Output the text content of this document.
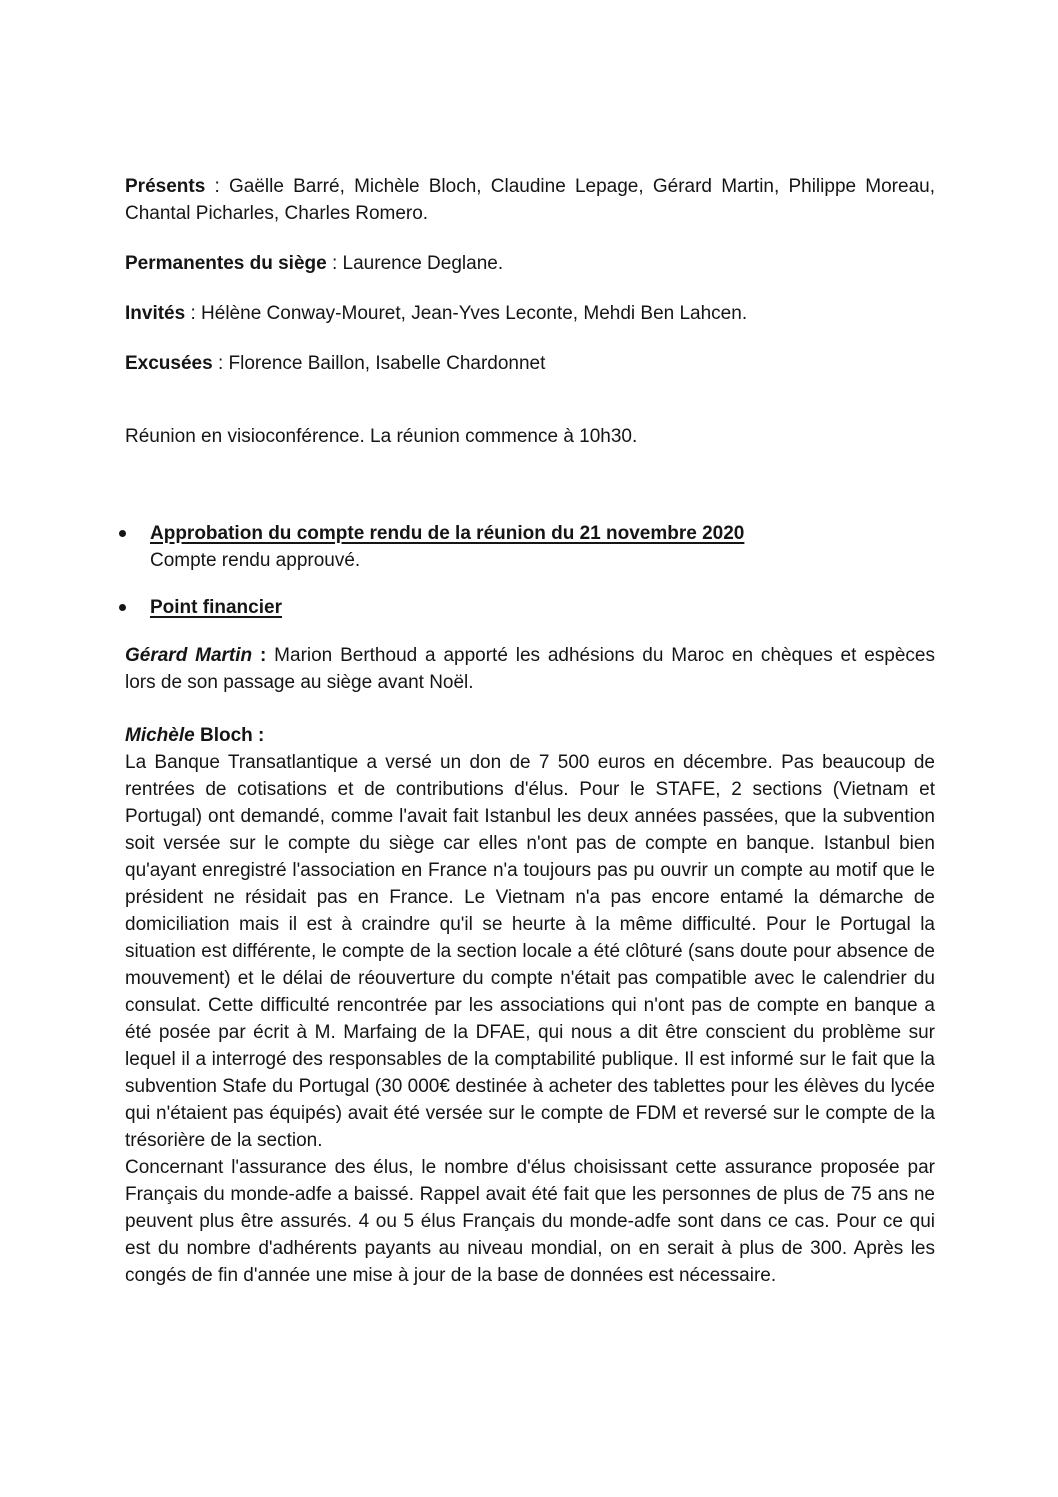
Présents : Gaëlle Barré, Michèle Bloch, Claudine Lepage, Gérard Martin, Philippe Moreau, Chantal Picharles, Charles Romero.

Permanentes du siège : Laurence Deglane.

Invités : Hélène Conway-Mouret, Jean-Yves Leconte, Mehdi Ben Lahcen.

Excusées : Florence Baillon, Isabelle Chardonnet

Réunion en visioconférence. La réunion commence à 10h30.

Approbation du compte rendu de la réunion du 21 novembre 2020
Compte rendu approuvé.
Point financier

Gérard Martin : Marion Berthoud a apporté les adhésions du Maroc en chèques et espèces lors de son passage au siège avant Noël.

Michèle Bloch :

La Banque Transatlantique a versé un don de 7 500 euros en décembre. Pas beaucoup de rentrées de cotisations et de contributions d'élus. Pour le STAFE, 2 sections (Vietnam et Portugal) ont demandé, comme l'avait fait Istanbul les deux années passées, que la subvention soit versée sur le compte du siège car elles n'ont pas de compte en banque. Istanbul bien qu'ayant enregistré l'association en France n'a toujours pas pu ouvrir un compte au motif que le président ne résidait pas en France. Le Vietnam n'a pas encore entamé la démarche de domiciliation mais il est à craindre qu'il se heurte à la même difficulté. Pour le Portugal la situation est différente, le compte de la section locale a été clôturé (sans doute pour absence de mouvement) et le délai de réouverture du compte n'était pas compatible avec le calendrier du consulat. Cette difficulté rencontrée par les associations qui n'ont pas de compte en banque a été posée par écrit à M. Marfaing de la DFAE, qui nous a dit être conscient du problème sur lequel il a interrogé des responsables de la comptabilité publique. Il est informé sur le fait que la subvention Stafe du Portugal (30 000€ destinée à acheter des tablettes pour les élèves du lycée qui n'étaient pas équipés) avait été versée sur le compte de FDM et reversé sur le compte de la trésorière de la section.

Concernant l'assurance des élus, le nombre d'élus choisissant cette assurance proposée par Français du monde-adfe a baissé. Rappel avait été fait que les personnes de plus de 75 ans ne peuvent plus être assurés. 4 ou 5 élus Français du monde-adfe sont dans ce cas. Pour ce qui est du nombre d'adhérents payants au niveau mondial, on en serait à plus de 300. Après les congés de fin d'année une mise à jour de la base de données est nécessaire.
